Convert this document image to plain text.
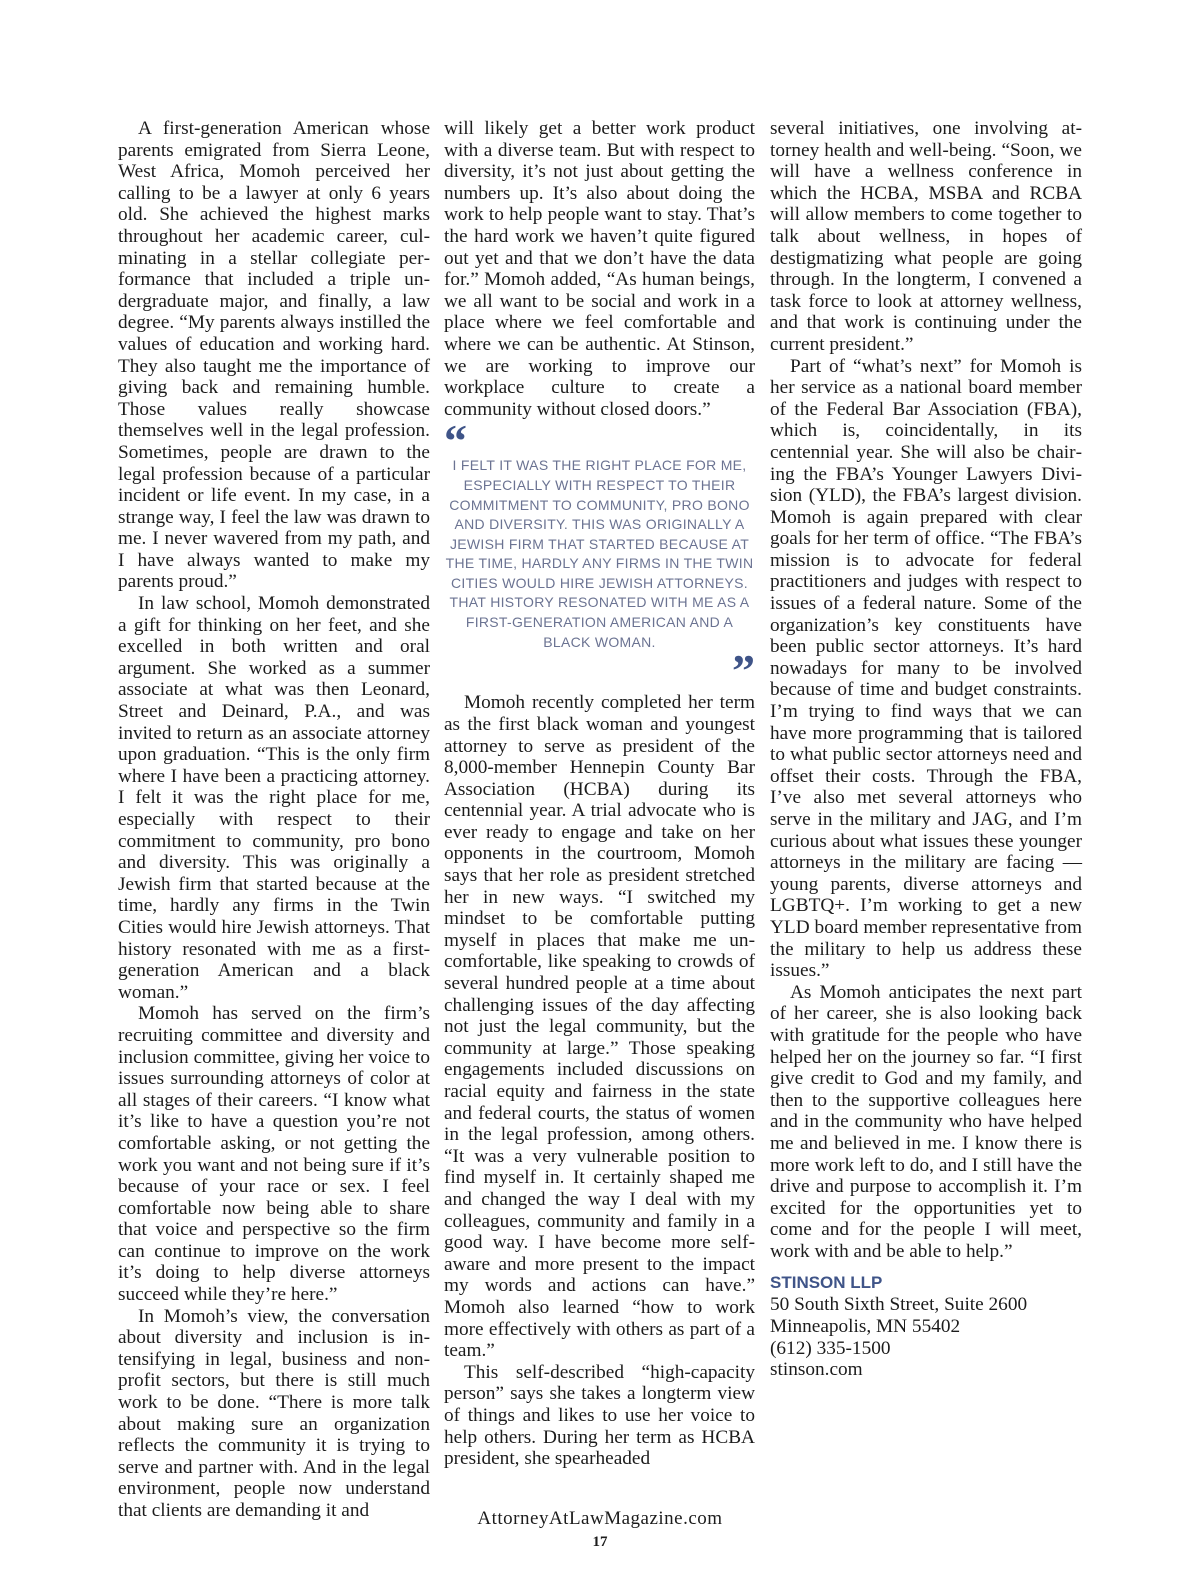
A first-generation American whose parents emigrated from Sierra Leone, West Africa, Momoh perceived her calling to be a lawyer at only 6 years old. She achieved the highest marks throughout her academic career, culminating in a stellar collegiate performance that included a triple undergraduate major, and finally, a law degree. “My parents always instilled the values of education and working hard. They also taught me the importance of giving back and remaining humble. Those values really showcase themselves well in the legal profession. Sometimes, people are drawn to the legal profession because of a particular incident or life event. In my case, in a strange way, I feel the law was drawn to me. I never wavered from my path, and I have always wanted to make my parents proud.”

In law school, Momoh demonstrated a gift for thinking on her feet, and she excelled in both written and oral argument. She worked as a summer associate at what was then Leonard, Street and Deinard, P.A., and was invited to return as an associate attorney upon graduation. “This is the only firm where I have been a practicing attorney. I felt it was the right place for me, especially with respect to their commitment to community, pro bono and diversity. This was originally a Jewish firm that started because at the time, hardly any firms in the Twin Cities would hire Jewish attorneys. That history resonated with me as a first-generation American and a black woman.”

Momoh has served on the firm’s recruiting committee and diversity and inclusion committee, giving her voice to issues surrounding attorneys of color at all stages of their careers. “I know what it’s like to have a question you’re not comfortable asking, or not getting the work you want and not being sure if it’s because of your race or sex. I feel comfortable now being able to share that voice and perspective so the firm can continue to improve on the work it’s doing to help diverse attorneys succeed while they’re here.”

In Momoh’s view, the conversation about diversity and inclusion is intensifying in legal, business and nonprofit sectors, but there is still much work to be done. “There is more talk about making sure an organization reflects the community it is trying to serve and partner with. And in the legal environment, people now understand that clients are demanding it and

will likely get a better work product with a diverse team. But with respect to diversity, it’s not just about getting the numbers up. It’s also about doing the work to help people want to stay. That’s the hard work we haven’t quite figured out yet and that we don’t have the data for.” Momoh added, “As human beings, we all want to be social and work in a place where we feel comfortable and where we can be authentic. At Stinson, we are working to improve our workplace culture to create a community without closed doors.”

“
I FELT IT WAS THE RIGHT PLACE FOR ME, ESPECIALLY WITH RESPECT TO THEIR COMMITMENT TO COMMUNITY, PRO BONO AND DIVERSITY. THIS WAS ORIGINALLY A JEWISH FIRM THAT STARTED BECAUSE AT THE TIME, HARDLY ANY FIRMS IN THE TWIN CITIES WOULD HIRE JEWISH ATTORNEYS. THAT HISTORY RESONATED WITH ME AS A FIRST-GENERATION AMERICAN AND A BLACK WOMAN.
”

Momoh recently completed her term as the first black woman and youngest attorney to serve as president of the 8,000-member Hennepin County Bar Association (HCBA) during its centennial year. A trial advocate who is ever ready to engage and take on her opponents in the courtroom, Momoh says that her role as president stretched her in new ways. “I switched my mindset to be comfortable putting myself in places that make me uncomfortable, like speaking to crowds of several hundred people at a time about challenging issues of the day affecting not just the legal community, but the community at large.” Those speaking engagements included discussions on racial equity and fairness in the state and federal courts, the status of women in the legal profession, among others. “It was a very vulnerable position to find myself in. It certainly shaped me and changed the way I deal with my colleagues, community and family in a good way. I have become more self-aware and more present to the impact my words and actions can have.” Momoh also learned “how to work more effectively with others as part of a team.”

This self-described “high-capacity person” says she takes a longterm view of things and likes to use her voice to help others. During her term as HCBA president, she spearheaded

several initiatives, one involving attorney health and well-being. “Soon, we will have a wellness conference in which the HCBA, MSBA and RCBA will allow members to come together to talk about wellness, in hopes of destigmatizing what people are going through. In the longterm, I convened a task force to look at attorney wellness, and that work is continuing under the current president.”

Part of “what’s next” for Momoh is her service as a national board member of the Federal Bar Association (FBA), which is, coincidentally, in its centennial year. She will also be chairing the FBA’s Younger Lawyers Division (YLD), the FBA’s largest division. Momoh is again prepared with clear goals for her term of office. “The FBA’s mission is to advocate for federal practitioners and judges with respect to issues of a federal nature. Some of the organization’s key constituents have been public sector attorneys. It’s hard nowadays for many to be involved because of time and budget constraints. I’m trying to find ways that we can have more programming that is tailored to what public sector attorneys need and offset their costs. Through the FBA, I’ve also met several attorneys who serve in the military and JAG, and I’m curious about what issues these younger attorneys in the military are facing — young parents, diverse attorneys and LGBTQ+. I’m working to get a new YLD board member representative from the military to help us address these issues.”

As Momoh anticipates the next part of her career, she is also looking back with gratitude for the people who have helped her on the journey so far. “I first give credit to God and my family, and then to the supportive colleagues here and in the community who have helped me and believed in me. I know there is more work left to do, and I still have the drive and purpose to accomplish it. I’m excited for the opportunities yet to come and for the people I will meet, work with and be able to help.”

STINSON LLP
50 South Sixth Street, Suite 2600
Minneapolis, MN 55402
(612) 335-1500
stinson.com
AttorneyAtLawMagazine.com
17
